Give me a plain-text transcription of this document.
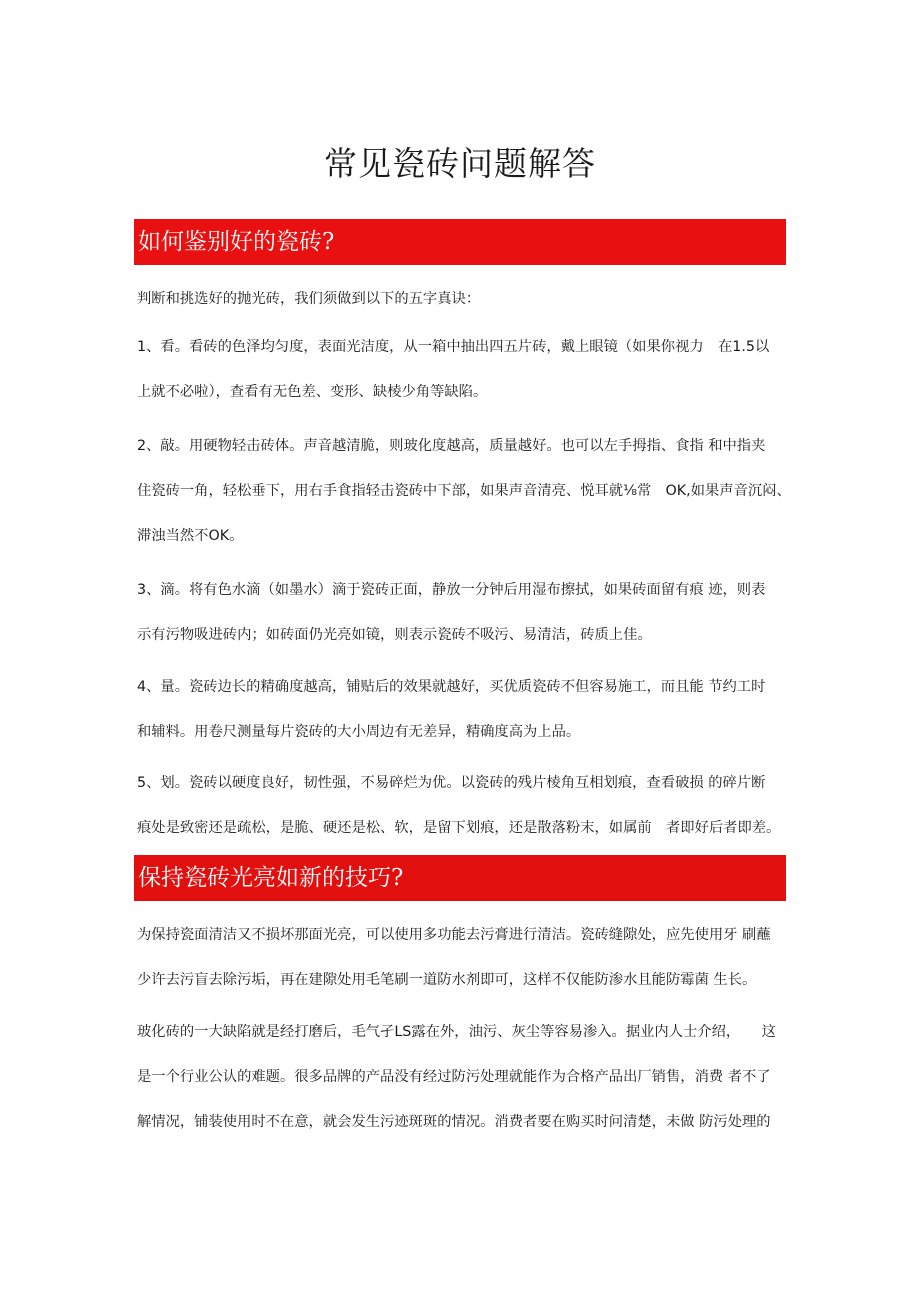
常见瓷砖问题解答
如何鉴别好的瓷砖?

判断和挑选好的抛光砖，我们须做到以下的五字真诀：

1、看。看砖的色泽均匀度，表面光洁度，从一箱中抽出四五片砖，戴上眼镜（如果你视力　在1.5以
上就不必啦），查看有无色差、变形、缺棱少角等缺陷。

2、敲。用硬物轻击砖体。声音越清脆，则玻化度越高，质量越好。也可以左手拇指、食指 和中指夹
住瓷砖一角，轻松垂下，用右手食指轻击瓷砖中下部，如果声音清亮、悦耳就⅛常　OK,如果声音沉闷、
滞浊当然不OK。

3、滴。将有色水滴（如墨水）滴于瓷砖正面，静放一分钟后用湿布擦拭，如果砖面留有痕 迹，则表
示有污物吸进砖内；如砖面仍光亮如镜，则表示瓷砖不吸污、易清洁，砖质上佳。

4、量。瓷砖边长的精确度越高，铺贴后的效果就越好，买优质瓷砖不但容易施工，而且能 节约工时
和辅料。用卷尺测量每片瓷砖的大小周边有无差异，精确度高为上品。

5、划。瓷砖以硬度良好，韧性强，不易碎烂为优。以瓷砖的残片棱角互相划痕，查看破损 的碎片断
痕处是致密还是疏松，是脆、硬还是松、软，是留下划痕，还是散落粉末，如属前　者即好后者即差。

保持瓷砖光亮如新的技巧?

为保持瓷面清洁又不损坏那面光亮，可以使用多功能去污膏进行清洁。瓷砖缝隙处，应先使用牙 刷蘸
少许去污盲去除污垢，再在建隙处用毛笔刷一道防水剂即可，这样不仅能防渗水且能防霉菌 生长。

玻化砖的一大缺陷就是经打磨后，毛气孑LS露在外，油污、灰尘等容易渗入。据业内人士介绍，　　这
是一个行业公认的难题。很多品牌的产品没有经过防污处理就能作为合格产品出厂销售，消费 者不了
解情况，铺装使用时不在意，就会发生污迹斑斑的情况。消费者要在购买时问清楚，未做 防污处理的
